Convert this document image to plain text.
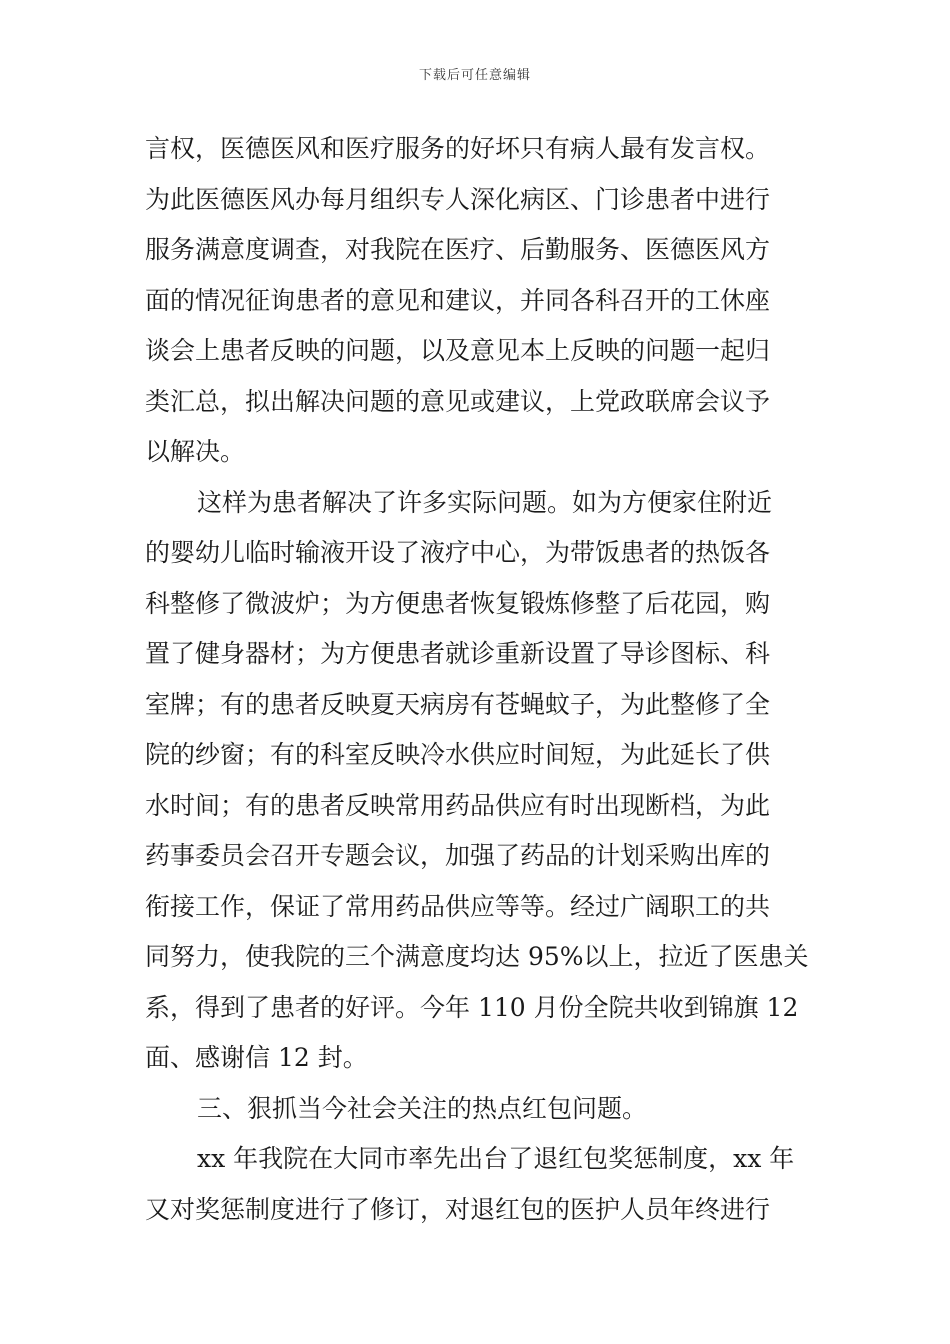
下载后可任意编辑
言权，医德医风和医疗服务的好坏只有病人最有发言权。
为此医德医风办每月组织专人深化病区、门诊患者中进行
服务满意度调查，对我院在医疗、后勤服务、医德医风方
面的情况征询患者的意见和建议，并同各科召开的工休座
谈会上患者反映的问题，以及意见本上反映的问题一起归
类汇总，拟出解决问题的意见或建议，上党政联席会议予
以解决。
这样为患者解决了许多实际问题。如为方便家住附近
的婴幼儿临时输液开设了液疗中心，为带饭患者的热饭各
科整修了微波炉；为方便患者恢复锻炼修整了后花园，购
置了健身器材；为方便患者就诊重新设置了导诊图标、科
室牌；有的患者反映夏天病房有苍蝇蚊子，为此整修了全
院的纱窗；有的科室反映冷水供应时间短，为此延长了供
水时间；有的患者反映常用药品供应有时出现断档，为此
药事委员会召开专题会议，加强了药品的计划采购出库的
衔接工作，保证了常用药品供应等等。经过广阔职工的共
同努力，使我院的三个满意度均达 95%以上，拉近了医患关
系，得到了患者的好评。今年 110 月份全院共收到锦旗 12
面、感谢信 12 封。
三、狠抓当今社会关注的热点红包问题。
xx 年我院在大同市率先出台了退红包奖惩制度，xx 年
又对奖惩制度进行了修订，对退红包的医护人员年终进行
